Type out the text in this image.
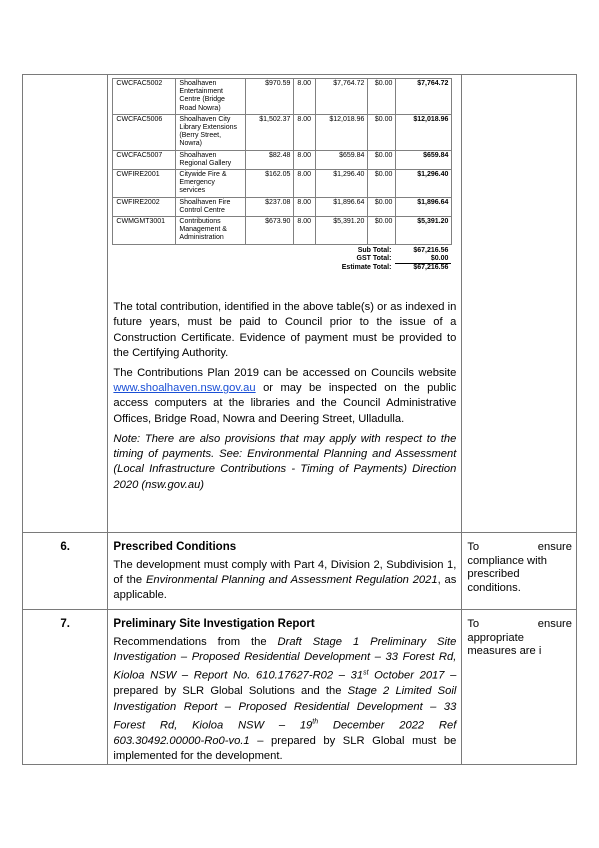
CWCFAC5002	Shoalhaven Entertainment Centre (Bridge Road Nowra)	$970.59	8.00	$7,764.72	$0.00	$7,764.72
CWCFAC5006	Shoalhaven City Library Extensions (Berry Street, Nowra)	$1,502.37	8.00	$12,018.96	$0.00	$12,018.96
CWCFAC5007	Shoalhaven Regional Gallery	$82.48	8.00	$659.84	$0.00	$659.84
CWFIRE2001	Citywide Fire & Emergency services	$162.05	8.00	$1,296.40	$0.00	$1,296.40
CWFIRE2002	Shoalhaven Fire Control Centre	$237.08	8.00	$1,896.64	$0.00	$1,896.64
CWMGMT3001	Contributions Management & Administration	$673.90	8.00	$5,391.20	$0.00	$5,391.20
Sub Total:	$67,216.56
GST Total:	$0.00
Estimate Total:	$67,216.56

The total contribution, identified in the above table(s) or as indexed in future years, must be paid to Council prior to the issue of a Construction Certificate. Evidence of payment must be provided to the Certifying Authority.

The Contributions Plan 2019 can be accessed on Councils website www.shoalhaven.nsw.gov.au or may be inspected on the public access computers at the libraries and the Council Administrative Offices, Bridge Road, Nowra and Deering Street, Ulladulla.

Note: There are also provisions that may apply with respect to the timing of payments. See: Environmental Planning and Assessment (Local Infrastructure Contributions - Timing of Payments) Direction 2020 (nsw.gov.au)

6.	Prescribed Conditions

The development must comply with Part 4, Division 2, Subdivision 1, of the Environmental Planning and Assessment Regulation 2021, as applicable.

To	ensure
compliance with prescribed conditions.

7.	Preliminary Site Investigation Report

Recommendations from the Draft Stage 1 Preliminary Site Investigation – Proposed Residential Development – 33 Forest Rd, Kioloa NSW – Report No. 610.17627-R02 – 31st October 2017 – prepared by SLR Global Solutions and the Stage 2 Limited Soil Investigation Report – Proposed Residential Development – 33 Forest Rd, Kioloa NSW – 19th December 2022 Ref 603.30492.00000-Ro0-vo.1 – prepared by SLR Global must be implemented for the development.

To	ensure
appropriate measures are i
